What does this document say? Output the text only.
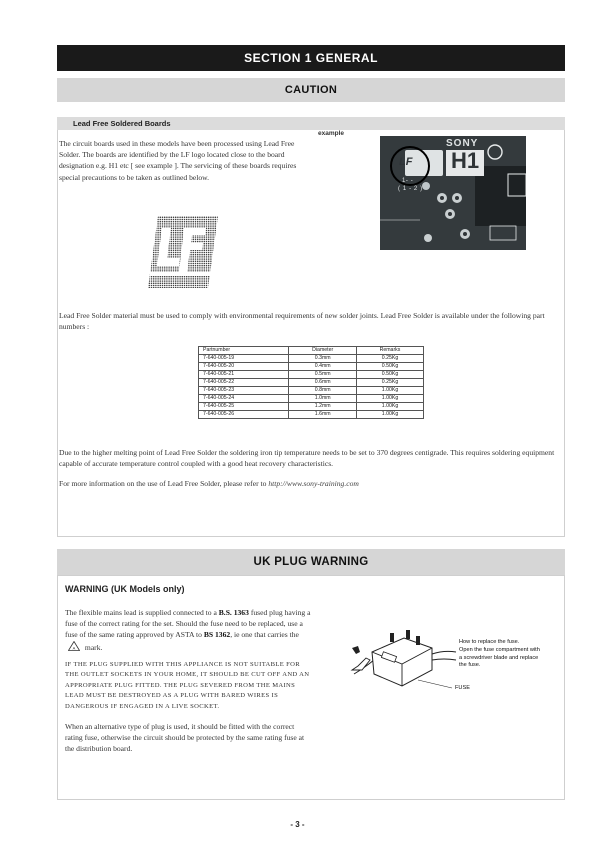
SECTION 1 GENERAL
CAUTION
Lead Free Soldered Boards
The circuit boards used in these models have been processed using Lead Free Solder. The boards are identified by the LF logo located close to the board designation e.g. H1 etc [ see example ]. The servicing of these boards requires special precautions to be taken as outlined below.
example
SONY
H1
LF
1- -
( 1 - 2 )
Lead Free Solder material must be used to comply with environmental requirements of new solder joints. Lead Free Solder is available under the following part numbers :
Partnumber	Diameter	Remarks
7-640-005-19	0.3mm	0.25Kg
7-640-005-20	0.4mm	0.50Kg
7-640-005-21	0.5mm	0.50Kg
7-640-005-22	0.6mm	0.25Kg
7-640-005-23	0.8mm	1.00Kg
7-640-005-24	1.0mm	1.00Kg
7-640-005-25	1.2mm	1.00Kg
7-640-005-26	1.6mm	1.00Kg
Due to the higher melting point of Lead Free Solder the soldering iron tip temperature needs to be set to 370 degrees centigrade. This requires soldering equipment capable of accurate temperature control coupled with a good heat recovery characteristics.
For more information on the use of Lead Free Solder, please refer to http://www.sony-training.com
UK PLUG WARNING
WARNING (UK Models only)
The flexible mains lead is supplied connected to a B.S. 1363 fused plug having a fuse of the correct rating for the set. Should the fuse need to be replaced, use a fuse of the same rating approved by ASTA to BS 1362, ie one that carries the
A mark.
IF THE PLUG SUPPLIED WITH THIS APPLIANCE IS NOT SUITABLE FOR THE OUTLET SOCKETS IN YOUR HOME, IT SHOULD BE CUT OFF AND AN APPROPRIATE PLUG FITTED. THE PLUG SEVERED FROM THE MAINS LEAD MUST BE DESTROYED AS A PLUG WITH BARED WIRES IS DANGEROUS IF ENGAGED IN A LIVE SOCKET.
When an alternative type of plug is used, it should be fitted with the correct rating fuse, otherwise the circuit should be protected by the same rating fuse at the distribution board.
How to replace the fuse.
Open the fuse compartment with
a screwdriver blade and replace
the fuse.
FUSE
- 3 -
